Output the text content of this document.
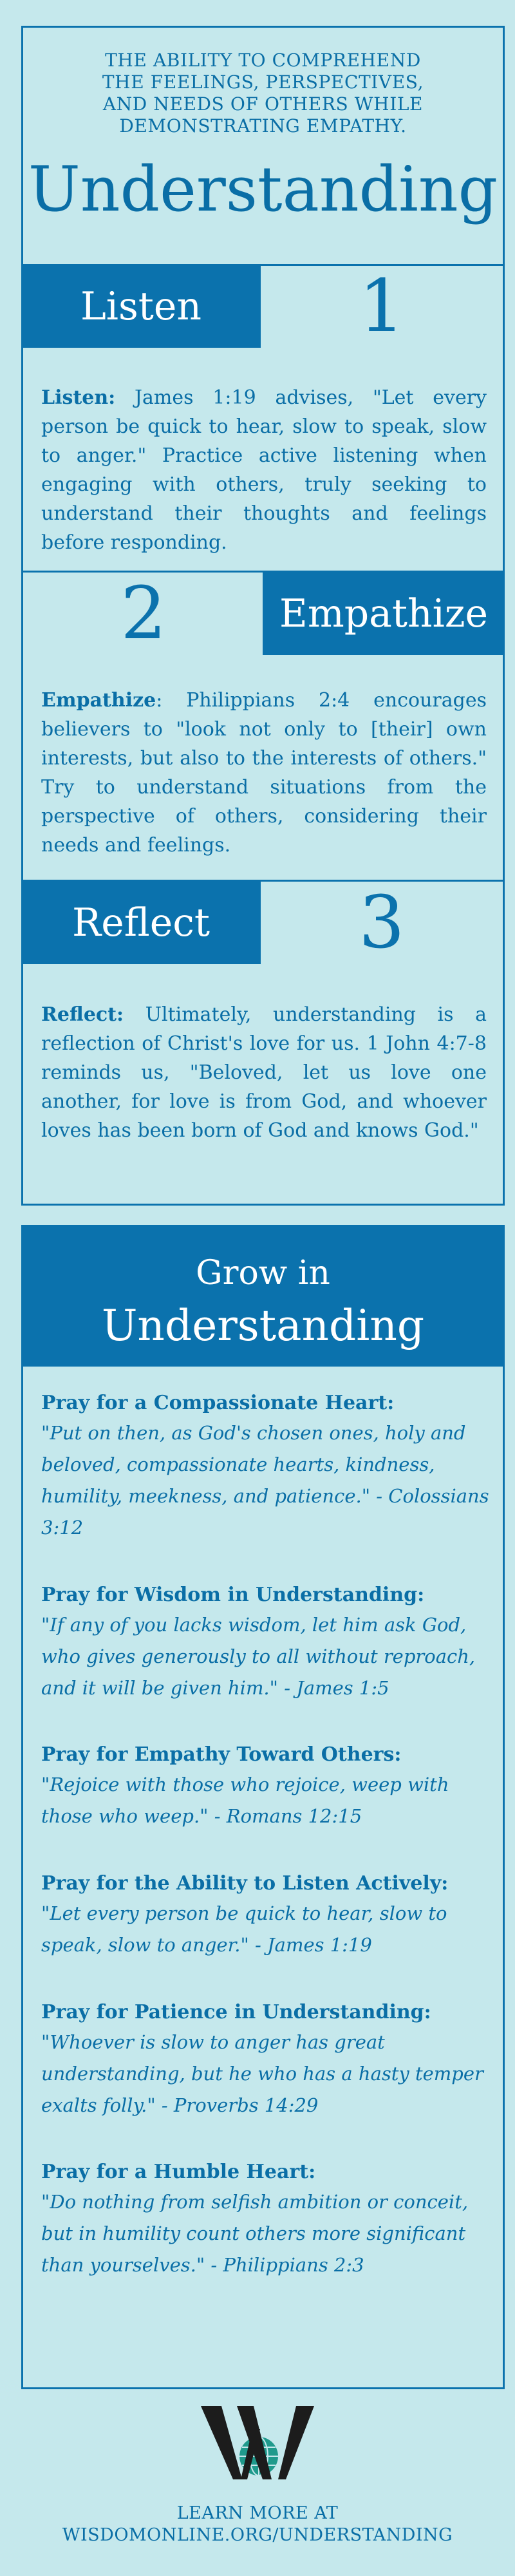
THE ABILITY TO COMPREHEND
THE FEELINGS, PERSPECTIVES,
AND NEEDS OF OTHERS WHILE
DEMONSTRATING EMPATHY.
Understanding
Listen	1
Listen: James 1:19 advises, "Let every person be quick to hear, slow to speak, slow to anger." Practice active listening when engaging with others, truly seeking to understand their thoughts and feelings before responding.
2	Empathize
Empathize: Philippians 2:4 encourages believers to "look not only to [their] own interests, but also to the interests of others." Try to understand situations from the perspective of others, considering their needs and feelings.
Reflect	3
Reflect: Ultimately, understanding is a reflection of Christ's love for us. 1 John 4:7-8 reminds us, "Beloved, let us love one another, for love is from God, and whoever loves has been born of God and knows God."
Grow in
Understanding
Pray for a Compassionate Heart:
"Put on then, as God's chosen ones, holy and beloved, compassionate hearts, kindness, humility, meekness, and patience." - Colossians 3:12
Pray for Wisdom in Understanding:
"If any of you lacks wisdom, let him ask God, who gives generously to all without reproach, and it will be given him." - James 1:5
Pray for Empathy Toward Others:
"Rejoice with those who rejoice, weep with those who weep." - Romans 12:15
Pray for the Ability to Listen Actively:
"Let every person be quick to hear, slow to speak, slow to anger." - James 1:19
Pray for Patience in Understanding:
"Whoever is slow to anger has great understanding, but he who has a hasty temper exalts folly." - Proverbs 14:29
Pray for a Humble Heart:
"Do nothing from selfish ambition or conceit, but in humility count others more significant than yourselves." - Philippians 2:3
LEARN MORE AT
WISDOMONLINE.ORG/UNDERSTANDING
